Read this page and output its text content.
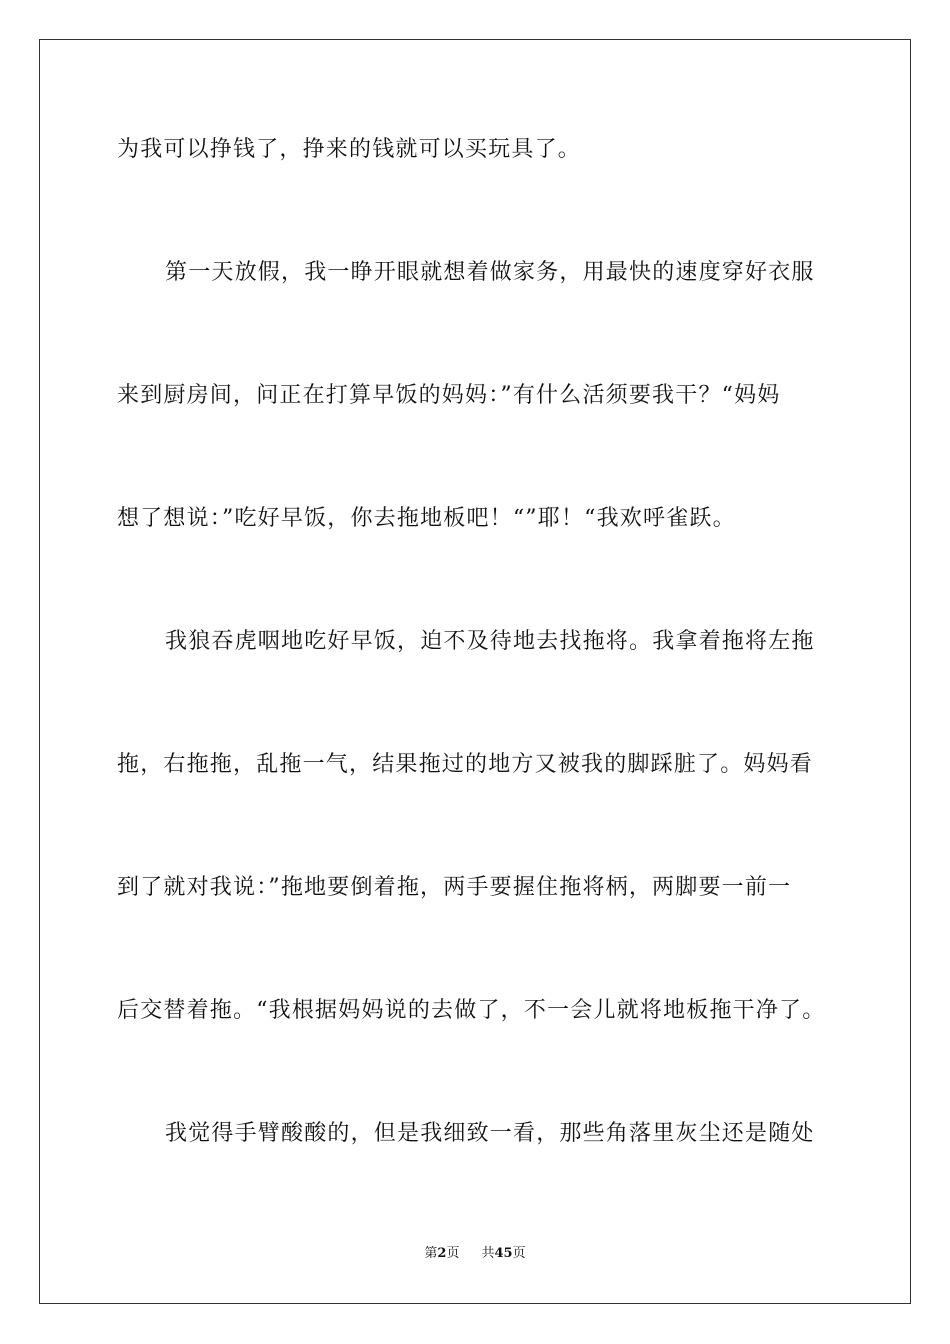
为我可以挣钱了，挣来的钱就可以买玩具了。

第一天放假，我一睁开眼就想着做家务，用最快的速度穿好衣服

来到厨房间，问正在打算早饭的妈妈：”有什么活须要我干？“妈妈

想了想说：”吃好早饭，你去拖地板吧！“”耶！“我欢呼雀跃。

我狼吞虎咽地吃好早饭，迫不及待地去找拖将。我拿着拖将左拖

拖，右拖拖，乱拖一气，结果拖过的地方又被我的脚踩脏了。妈妈看

到了就对我说：”拖地要倒着拖，两手要握住拖将柄，两脚要一前一

后交替着拖。“我根据妈妈说的去做了，不一会儿就将地板拖干净了。

我觉得手臂酸酸的，但是我细致一看，那些角落里灰尘还是随处

第2页 共45页
